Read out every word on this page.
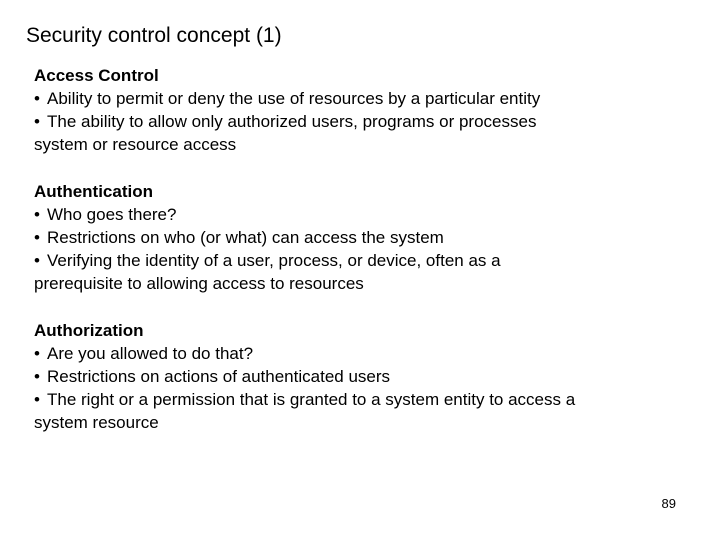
Security control concept (1)
Access Control
• Ability to permit or deny the use of resources by a particular entity
• The ability to allow only authorized users, programs or processes
system or resource access
Authentication
• Who goes there?
• Restrictions on who (or what) can access the system
• Verifying the identity of a user, process, or device, often as a
prerequisite to allowing access to resources
Authorization
• Are you allowed to do that?
• Restrictions on actions of authenticated users
• The right or a permission that is granted to a system entity to access a
system resource
89
